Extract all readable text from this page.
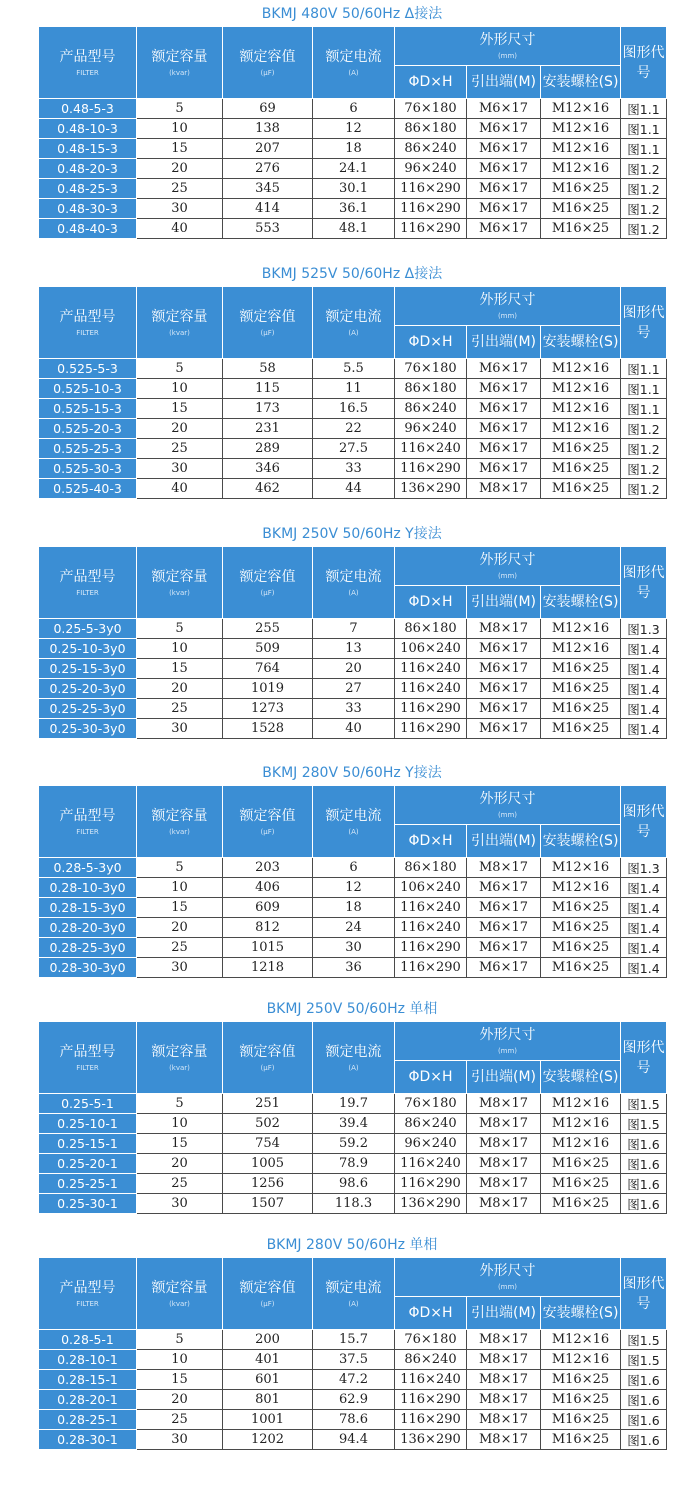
BKMJ 480V 50/60Hz Δ接法
产品型号
FILTER	额定容量
(kvar)	额定容值
(μF)	额定电流
(A)	外形尺寸
(mm)			图形代号

				ΦD×H	引出端(M)	安装螺栓(S)	

0.48-5-3	5	69	6	76×180	M6×17	M12×16	图1.1
0.48-10-3	10	138	12	86×180	M6×17	M12×16	图1.1
0.48-15-3	15	207	18	86×240	M6×17	M12×16	图1.1
0.48-20-3	20	276	24.1	96×240	M6×17	M12×16	图1.2
0.48-25-3	25	345	30.1	116×290	M6×17	M16×25	图1.2
0.48-30-3	30	414	36.1	116×290	M6×17	M16×25	图1.2
0.48-40-3	40	553	48.1	116×290	M6×17	M16×25	图1.2
BKMJ 525V 50/60Hz Δ接法
产品型号
FILTER	额定容量
(kvar)	额定容值
(μF)	额定电流
(A)	外形尺寸
(mm)			图形代号

				ΦD×H	引出端(M)	安装螺栓(S)	

0.525-5-3	5	58	5.5	76×180	M6×17	M12×16	图1.1
0.525-10-3	10	115	11	86×180	M6×17	M12×16	图1.1
0.525-15-3	15	173	16.5	86×240	M6×17	M12×16	图1.1
0.525-20-3	20	231	22	96×240	M6×17	M12×16	图1.2
0.525-25-3	25	289	27.5	116×240	M6×17	M16×25	图1.2
0.525-30-3	30	346	33	116×290	M6×17	M16×25	图1.2
0.525-40-3	40	462	44	136×290	M8×17	M16×25	图1.2
BKMJ 250V 50/60Hz Y接法
产品型号
FILTER	额定容量
(kvar)	额定容值
(μF)	额定电流
(A)	外形尺寸
(mm)			图形代号

				ΦD×H	引出端(M)	安装螺栓(S)	

0.25-5-3y0	5	255	7	86×180	M8×17	M12×16	图1.3
0.25-10-3y0	10	509	13	106×240	M6×17	M12×16	图1.4
0.25-15-3y0	15	764	20	116×240	M6×17	M16×25	图1.4
0.25-20-3y0	20	1019	27	116×240	M6×17	M16×25	图1.4
0.25-25-3y0	25	1273	33	116×290	M6×17	M16×25	图1.4
0.25-30-3y0	30	1528	40	116×290	M6×17	M16×25	图1.4
BKMJ 280V 50/60Hz Y接法
产品型号
FILTER	额定容量
(kvar)	额定容值
(μF)	额定电流
(A)	外形尺寸
(mm)			图形代号

				ΦD×H	引出端(M)	安装螺栓(S)	

0.28-5-3y0	5	203	6	86×180	M8×17	M12×16	图1.3
0.28-10-3y0	10	406	12	106×240	M6×17	M12×16	图1.4
0.28-15-3y0	15	609	18	116×240	M6×17	M16×25	图1.4
0.28-20-3y0	20	812	24	116×240	M6×17	M16×25	图1.4
0.28-25-3y0	25	1015	30	116×290	M6×17	M16×25	图1.4
0.28-30-3y0	30	1218	36	116×290	M6×17	M16×25	图1.4
BKMJ 250V 50/60Hz 单相
产品型号
FILTER	额定容量
(kvar)	额定容值
(μF)	额定电流
(A)	外形尺寸
(mm)			图形代号

				ΦD×H	引出端(M)	安装螺栓(S)	

0.25-5-1	5	251	19.7	76×180	M8×17	M12×16	图1.5
0.25-10-1	10	502	39.4	86×240	M8×17	M12×16	图1.5
0.25-15-1	15	754	59.2	96×240	M8×17	M12×16	图1.6
0.25-20-1	20	1005	78.9	116×240	M8×17	M16×25	图1.6
0.25-25-1	25	1256	98.6	116×290	M8×17	M16×25	图1.6
0.25-30-1	30	1507	118.3	136×290	M8×17	M16×25	图1.6
BKMJ 280V 50/60Hz 单相
产品型号
FILTER	额定容量
(kvar)	额定容值
(μF)	额定电流
(A)	外形尺寸
(mm)			图形代号

				ΦD×H	引出端(M)	安装螺栓(S)	

0.28-5-1	5	200	15.7	76×180	M8×17	M12×16	图1.5
0.28-10-1	10	401	37.5	86×240	M8×17	M12×16	图1.5
0.28-15-1	15	601	47.2	116×240	M8×17	M16×25	图1.6
0.28-20-1	20	801	62.9	116×290	M8×17	M16×25	图1.6
0.28-25-1	25	1001	78.6	116×290	M8×17	M16×25	图1.6
0.28-30-1	30	1202	94.4	136×290	M8×17	M16×25	图1.6
